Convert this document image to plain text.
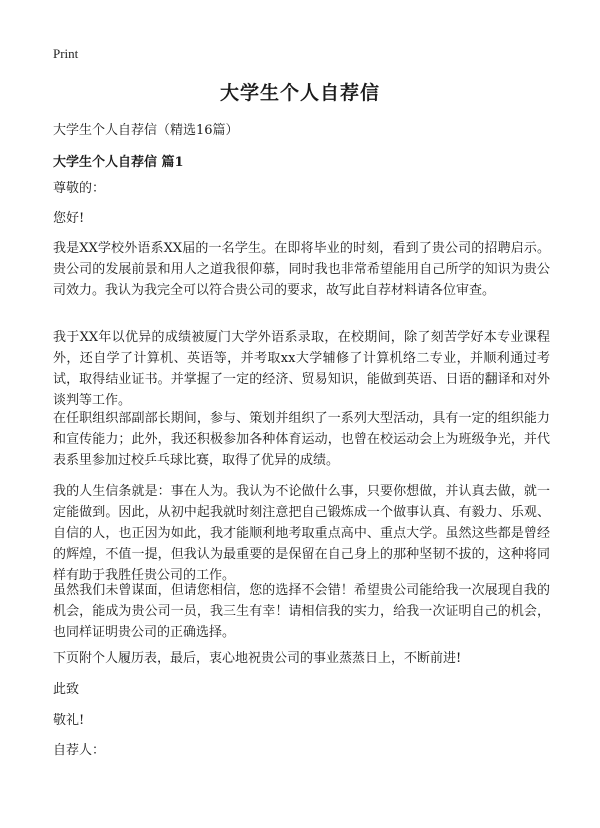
Print
大学生个人自荐信
大学生个人自荐信（精选16篇）
大学生个人自荐信 篇1
尊敬的：
您好!
我是XX学校外语系XX届的一名学生。在即将毕业的时刻，看到了贵公司的招聘启示。贵公司的发展前景和用人之道我很仰慕，同时我也非常希望能用自己所学的知识为贵公司效力。我认为我完全可以符合贵公司的要求，故写此自荐材料请各位审查。
我于XX年以优异的成绩被厦门大学外语系录取，在校期间，除了刻苦学好本专业课程外，还自学了计算机、英语等，并考取xx大学辅修了计算机络二专业，并顺利通过考试，取得结业证书。并掌握了一定的经济、贸易知识，能做到英语、日语的翻译和对外谈判等工作。
在任职组织部副部长期间，参与、策划并组织了一系列大型活动，具有一定的组织能力和宣传能力；此外，我还积极参加各种体育运动，也曾在校运动会上为班级争光，并代表系里参加过校乒乓球比赛，取得了优异的成绩。
我的人生信条就是：事在人为。我认为不论做什么事，只要你想做，并认真去做，就一定能做到。因此，从初中起我就时刻注意把自己锻炼成一个做事认真、有毅力、乐观、自信的人，也正因为如此，我才能顺利地考取重点高中、重点大学。虽然这些都是曾经的辉煌，不值一提，但我认为最重要的是保留在自己身上的那种坚韧不拔的，这种将同样有助于我胜任贵公司的工作。
虽然我们未曾谋面，但请您相信，您的选择不会错！希望贵公司能给我一次展现自我的机会，能成为贵公司一员，我三生有幸！请相信我的实力，给我一次证明自己的机会，也同样证明贵公司的正确选择。
下页附个人履历表，最后，衷心地祝贵公司的事业蒸蒸日上，不断前进!
此致
敬礼!
自荐人：
